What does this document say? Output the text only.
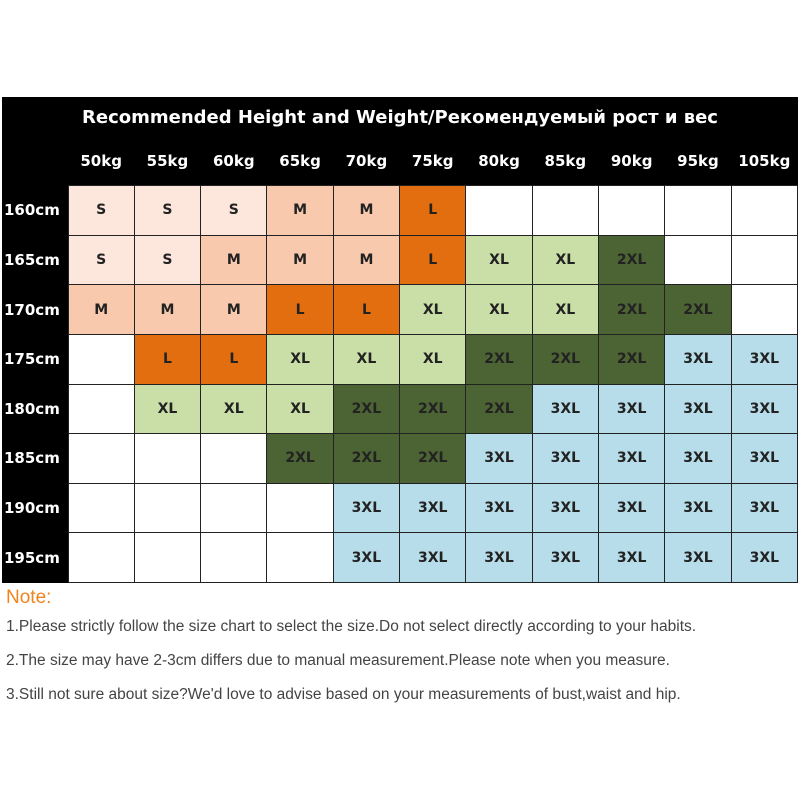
Recommended Height and Weight/Рекомендуемый рост и вес
	50kg	55kg	60kg	65kg	70kg	75kg	80kg	85kg	90kg	95kg	105kg
160cm	S	S	S	M	M	L					
165cm	S	S	M	M	M	L	XL	XL	2XL		
170cm	M	M	M	L	L	XL	XL	XL	2XL	2XL	
175cm		L	L	XL	XL	XL	2XL	2XL	2XL	3XL	3XL
180cm		XL	XL	XL	2XL	2XL	2XL	3XL	3XL	3XL	3XL
185cm				2XL	2XL	2XL	3XL	3XL	3XL	3XL	3XL
190cm					3XL	3XL	3XL	3XL	3XL	3XL	3XL
195cm					3XL	3XL	3XL	3XL	3XL	3XL	3XL
Note:
1.Please strictly follow the size chart to select the size.Do not select directly according to your habits.
2.The size may have 2-3cm differs due to manual measurement.Please note when you measure.
3.Still not sure about size?We'd love to advise based on your measurements of bust,waist and hip.
